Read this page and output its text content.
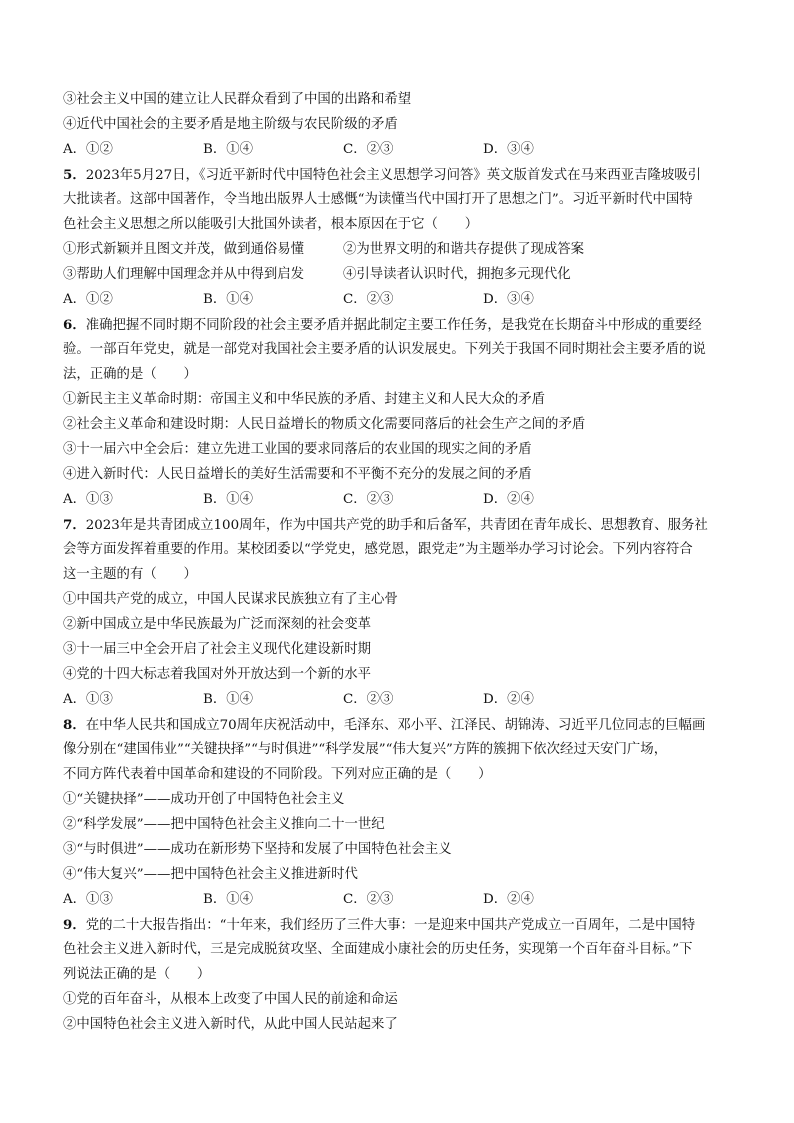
③社会主义中国的建立让人民群众看到了中国的出路和希望
④近代中国社会的主要矛盾是地主阶级与农民阶级的矛盾
A．①②	B．①④	C．②③	D．③④
5．2023年5月27日，《习近平新时代中国特色社会主义思想学习问答》英文版首发式在马来西亚吉隆坡吸引
大批读者。这部中国著作，令当地出版界人士感慨“为读懂当代中国打开了思想之门”。习近平新时代中国特
色社会主义思想之所以能吸引大批国外读者，根本原因在于它（　　）
①形式新颖并且图文并茂，做到通俗易懂	②为世界文明的和谐共存提供了现成答案
③帮助人们理解中国理念并从中得到启发	④引导读者认识时代，拥抱多元现代化
A．①②	B．①④	C．②③	D．③④
6．准确把握不同时期不同阶段的社会主要矛盾并据此制定主要工作任务，是我党在长期奋斗中形成的重要经
验。一部百年党史，就是一部党对我国社会主要矛盾的认识发展史。下列关于我国不同时期社会主要矛盾的说
法，正确的是（　　）
①新民主主义革命时期：帝国主义和中华民族的矛盾、封建主义和人民大众的矛盾
②社会主义革命和建设时期：人民日益增长的物质文化需要同落后的社会生产之间的矛盾
③十一届六中全会后：建立先进工业国的要求同落后的农业国的现实之间的矛盾
④进入新时代：人民日益增长的美好生活需要和不平衡不充分的发展之间的矛盾
A．①③	B．①④	C．②③	D．②④
7．2023年是共青团成立100周年，作为中国共产党的助手和后备军，共青团在青年成长、思想教育、服务社
会等方面发挥着重要的作用。某校团委以“学党史，感党恩，跟党走”为主题举办学习讨论会。下列内容符合
这一主题的有（　　）
①中国共产党的成立，中国人民谋求民族独立有了主心骨
②新中国成立是中华民族最为广泛而深刻的社会变革
③十一届三中全会开启了社会主义现代化建设新时期
④党的十四大标志着我国对外开放达到一个新的水平
A．①③	B．①④	C．②③	D．②④
8．在中华人民共和国成立70周年庆祝活动中，毛泽东、邓小平、江泽民、胡锦涛、习近平几位同志的巨幅画
像分别在“建国伟业”“关键抉择”“与时俱进”“科学发展”“伟大复兴”方阵的簇拥下依次经过天安门广场，
不同方阵代表着中国革命和建设的不同阶段。下列对应正确的是（　　）
①“关键抉择”——成功开创了中国特色社会主义
②“科学发展”——把中国特色社会主义推向二十一世纪
③“与时俱进”——成功在新形势下坚持和发展了中国特色社会主义
④“伟大复兴”——把中国特色社会主义推进新时代
A．①③	B．①④	C．②③	D．②④
9．党的二十大报告指出：“十年来，我们经历了三件大事：一是迎来中国共产党成立一百周年，二是中国特
色社会主义进入新时代，三是完成脱贫攻坚、全面建成小康社会的历史任务，实现第一个百年奋斗目标。”下
列说法正确的是（　　）
①党的百年奋斗，从根本上改变了中国人民的前途和命运
②中国特色社会主义进入新时代，从此中国人民站起来了
